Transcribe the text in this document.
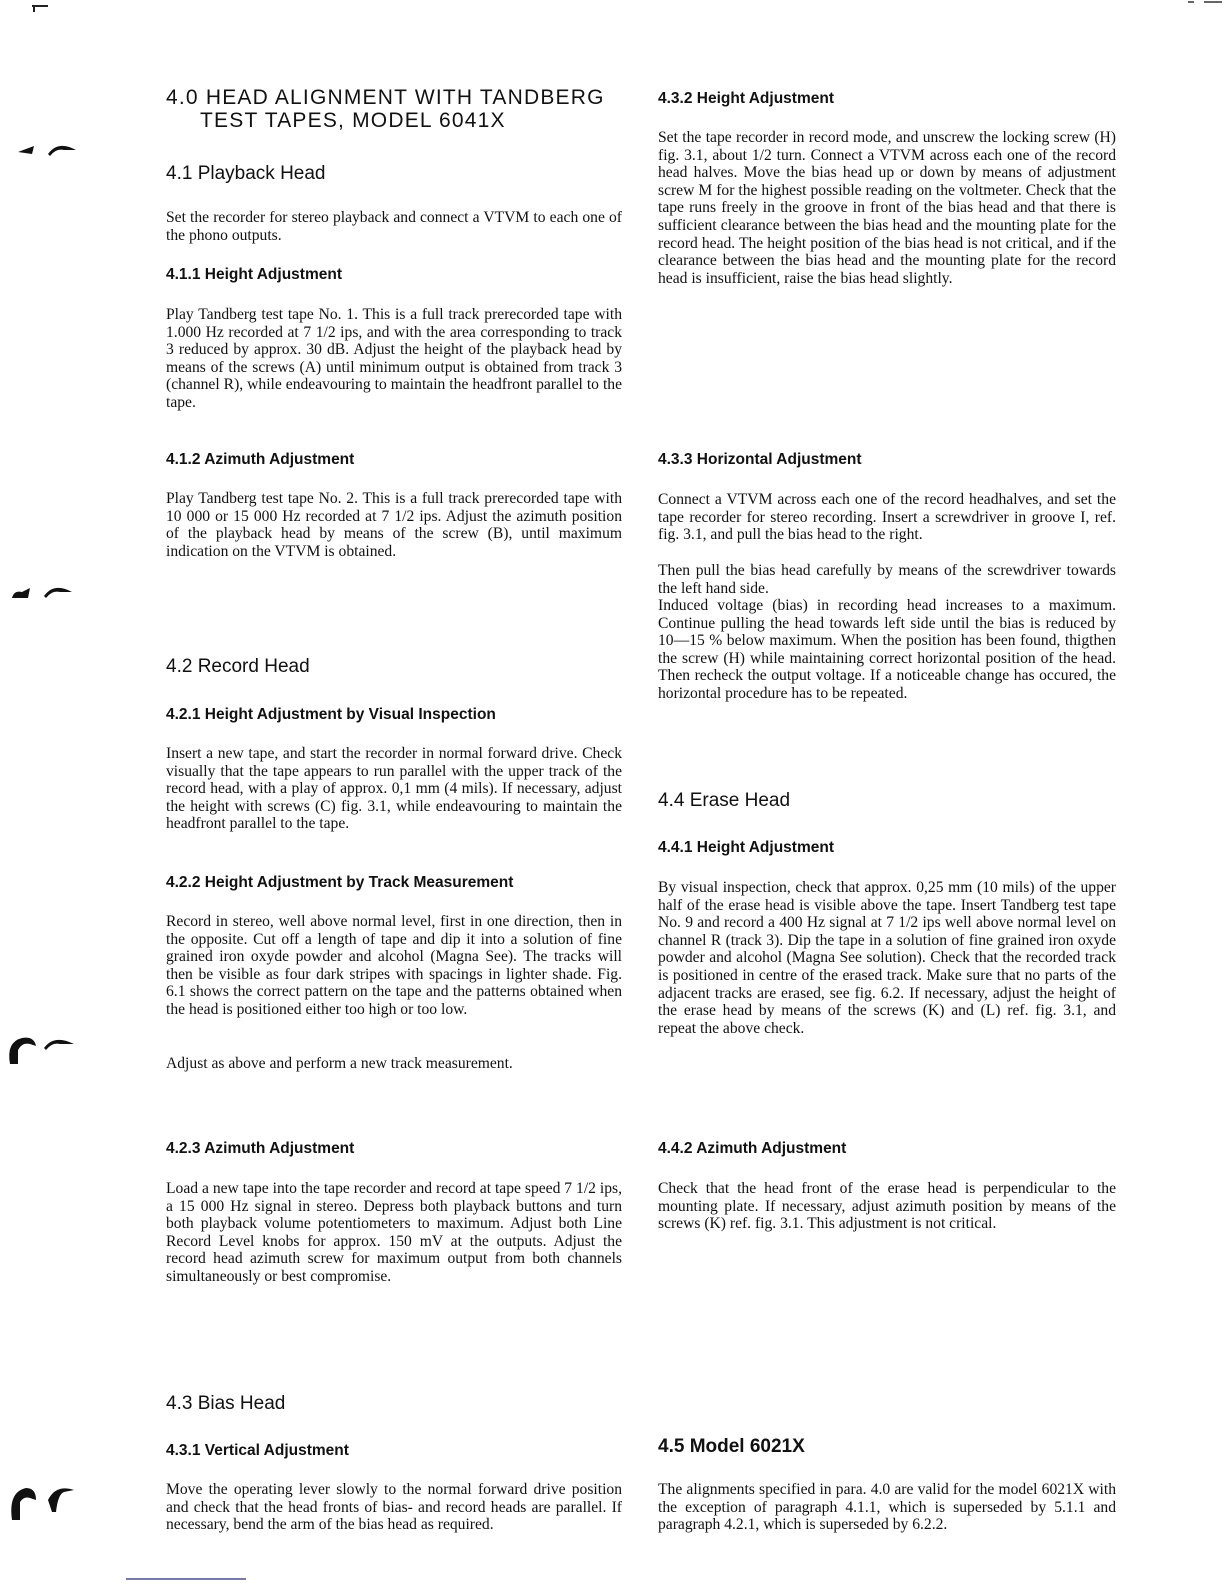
4.0 HEAD ALIGNMENT WITH TANDBERG
TEST TAPES, MODEL 6041X
4.1 Playback Head

Set the recorder for stereo playback and connect a VTVM to each one of the phono outputs.

4.1.1 Height Adjustment

Play Tandberg test tape No. 1. This is a full track prerecorded tape with 1.000 Hz recorded at 7 1/2 ips, and with the area corresponding to track 3 reduced by approx. 30 dB. Adjust the height of the playback head by means of the screws (A) until minimum output is obtained from track 3 (channel R), while endeavouring to maintain the headfront parallel to the tape.

4.1.2 Azimuth Adjustment

Play Tandberg test tape No. 2. This is a full track prerecorded tape with 10 000 or 15 000 Hz recorded at 7 1/2 ips. Adjust the azimuth position of the playback head by means of the screw (B), until maximum indication on the VTVM is obtained.

4.2 Record Head
4.2.1 Height Adjustment by Visual Inspection

Insert a new tape, and start the recorder in normal forward drive. Check visually that the tape appears to run parallel with the upper track of the record head, with a play of approx. 0,1 mm (4 mils). If necessary, adjust the height with screws (C) fig. 3.1, while endeavouring to maintain the headfront parallel to the tape.

4.2.2 Height Adjustment by Track Measurement

Record in stereo, well above normal level, first in one direction, then in the opposite. Cut off a length of tape and dip it into a solution of fine grained iron oxyde powder and alcohol (Magna See). The tracks will then be visible as four dark stripes with spacings in lighter shade. Fig. 6.1 shows the correct pattern on the tape and the patterns obtained when the head is positioned either too high or too low.

Adjust as above and perform a new track measurement.

4.2.3 Azimuth Adjustment

Load a new tape into the tape recorder and record at tape speed 7 1/2 ips, a 15 000 Hz signal in stereo. Depress both playback buttons and turn both playback volume potentiometers to maximum. Adjust both Line Record Level knobs for approx. 150 mV at the outputs. Adjust the record head azimuth screw for maximum output from both channels simultaneously or best compromise.

4.3 Bias Head
4.3.1 Vertical Adjustment

Move the operating lever slowly to the normal forward drive position and check that the head fronts of bias- and record heads are parallel. If necessary, bend the arm of the bias head as required.

4.3.2 Height Adjustment

Set the tape recorder in record mode, and unscrew the locking screw (H) fig. 3.1, about 1/2 turn. Connect a VTVM across each one of the record head halves. Move the bias head up or down by means of adjustment screw M for the highest possible reading on the voltmeter. Check that the tape runs freely in the groove in front of the bias head and that there is sufficient clearance between the bias head and the mounting plate for the record head. The height position of the bias head is not critical, and if the clearance between the bias head and the mounting plate for the record head is insufficient, raise the bias head slightly.

4.3.3 Horizontal Adjustment

Connect a VTVM across each one of the record headhalves, and set the tape recorder for stereo recording. Insert a screwdriver in groove I, ref. fig. 3.1, and pull the bias head to the right.

Then pull the bias head carefully by means of the screwdriver towards the left hand side.

Induced voltage (bias) in recording head increases to a maximum. Continue pulling the head towards left side until the bias is reduced by 10—15 % below maximum. When the position has been found, thigthen the screw (H) while maintaining correct horizontal position of the head. Then recheck the output voltage. If a noticeable change has occured, the horizontal procedure has to be repeated.

4.4 Erase Head
4.4.1 Height Adjustment

By visual inspection, check that approx. 0,25 mm (10 mils) of the upper half of the erase head is visible above the tape. Insert Tandberg test tape No. 9 and record a 400 Hz signal at 7 1/2 ips well above normal level on channel R (track 3). Dip the tape in a solution of fine grained iron oxyde powder and alcohol (Magna See solution). Check that the recorded track is positioned in centre of the erased track. Make sure that no parts of the adjacent tracks are erased, see fig. 6.2. If necessary, adjust the height of the erase head by means of the screws (K) and (L) ref. fig. 3.1, and repeat the above check.

4.4.2 Azimuth Adjustment

Check that the head front of the erase head is perpendicular to the mounting plate. If necessary, adjust azimuth position by means of the screws (K) ref. fig. 3.1. This adjustment is not critical.

4.5 Model 6021X

The alignments specified in para. 4.0 are valid for the model 6021X with the exception of paragraph 4.1.1, which is superseded by 5.1.1 and paragraph 4.2.1, which is superseded by 6.2.2.
